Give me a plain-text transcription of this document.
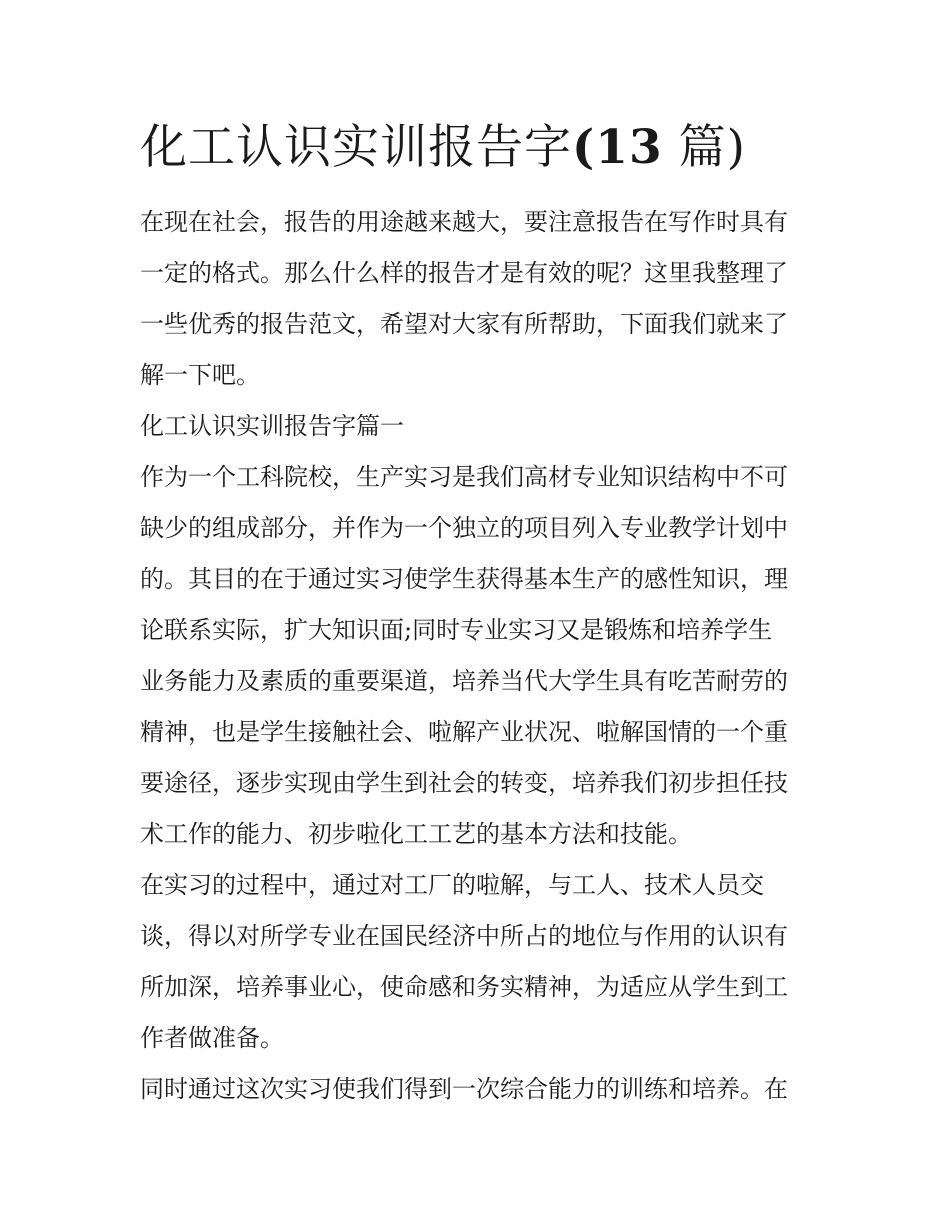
化工认识实训报告字(13 篇)
在现在社会，报告的用途越来越大，要注意报告在写作时具有
一定的格式。那么什么样的报告才是有效的呢？这里我整理了
一些优秀的报告范文，希望对大家有所帮助，下面我们就来了
解一下吧。
化工认识实训报告字篇一
作为一个工科院校，生产实习是我们高材专业知识结构中不可
缺少的组成部分，并作为一个独立的项目列入专业教学计划中
的。其目的在于通过实习使学生获得基本生产的感性知识，理
论联系实际，扩大知识面;同时专业实习又是锻炼和培养学生
业务能力及素质的重要渠道，培养当代大学生具有吃苦耐劳的
精神，也是学生接触社会、啦解产业状况、啦解国情的一个重
要途径，逐步实现由学生到社会的转变，培养我们初步担任技
术工作的能力、初步啦化工工艺的基本方法和技能。
在实习的过程中，通过对工厂的啦解，与工人、技术人员交
谈，得以对所学专业在国民经济中所占的地位与作用的认识有
所加深，培养事业心，使命感和务实精神，为适应从学生到工
作者做准备。
同时通过这次实习使我们得到一次综合能力的训练和培养。在
